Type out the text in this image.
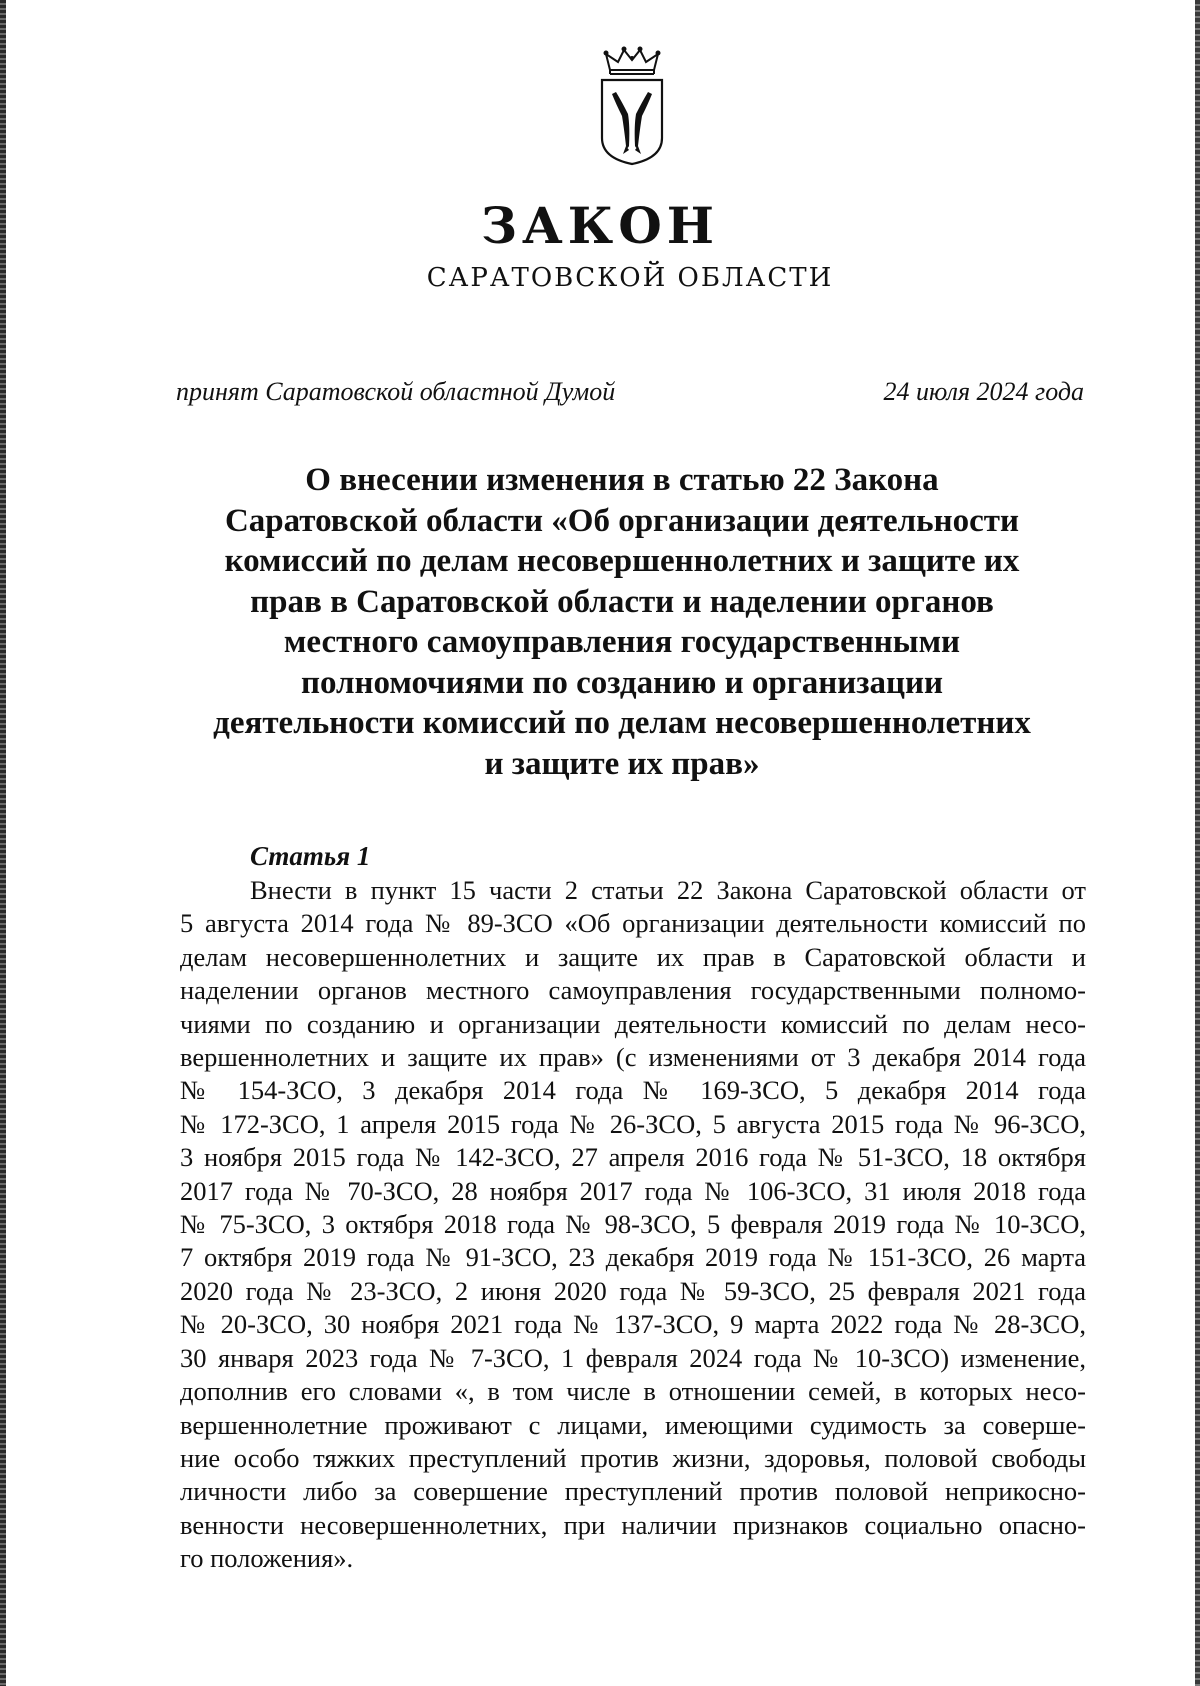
ЗАКОН
САРАТОВСКОЙ ОБЛАСТИ
принят Саратовской областной Думой	24 июля 2024 года
О внесении изменения в статью 22 Закона
Саратовской области «Об организации деятельности
комиссий по делам несовершеннолетних и защите их
прав в Саратовской области и наделении органов
местного самоуправления государственными
полномочиями по созданию и организации
деятельности комиссий по делам несовершеннолетних
и защите их прав»
Статья 1
Внести в пункт 15 части 2 статьи 22 Закона Саратовской области от
5 августа 2014 года № 89-ЗСО «Об организации деятельности комиссий по
делам несовершеннолетних и защите их прав в Саратовской области и
наделении органов местного самоуправления государственными полномо-
чиями по созданию и организации деятельности комиссий по делам несо-
вершеннолетних и защите их прав» (с изменениями от 3 декабря 2014 года
№ 154-ЗСО, 3 декабря 2014 года № 169-ЗСО, 5 декабря 2014 года
№ 172-ЗСО, 1 апреля 2015 года № 26-ЗСО, 5 августа 2015 года № 96-ЗСО,
3 ноября 2015 года № 142-ЗСО, 27 апреля 2016 года № 51-ЗСО, 18 октября
2017 года № 70-ЗСО, 28 ноября 2017 года № 106-ЗСО, 31 июля 2018 года
№ 75-ЗСО, 3 октября 2018 года № 98-ЗСО, 5 февраля 2019 года № 10-ЗСО,
7 октября 2019 года № 91-ЗСО, 23 декабря 2019 года № 151-ЗСО, 26 марта
2020 года № 23-ЗСО, 2 июня 2020 года № 59-ЗСО, 25 февраля 2021 года
№ 20-ЗСО, 30 ноября 2021 года № 137-ЗСО, 9 марта 2022 года № 28-ЗСО,
30 января 2023 года № 7-ЗСО, 1 февраля 2024 года № 10-ЗСО) изменение,
дополнив его словами «, в том числе в отношении семей, в которых несо-
вершеннолетние проживают с лицами, имеющими судимость за соверше-
ние особо тяжких преступлений против жизни, здоровья, половой свободы
личности либо за совершение преступлений против половой неприкосно-
венности несовершеннолетних, при наличии признаков социально опасно-
го положения».
